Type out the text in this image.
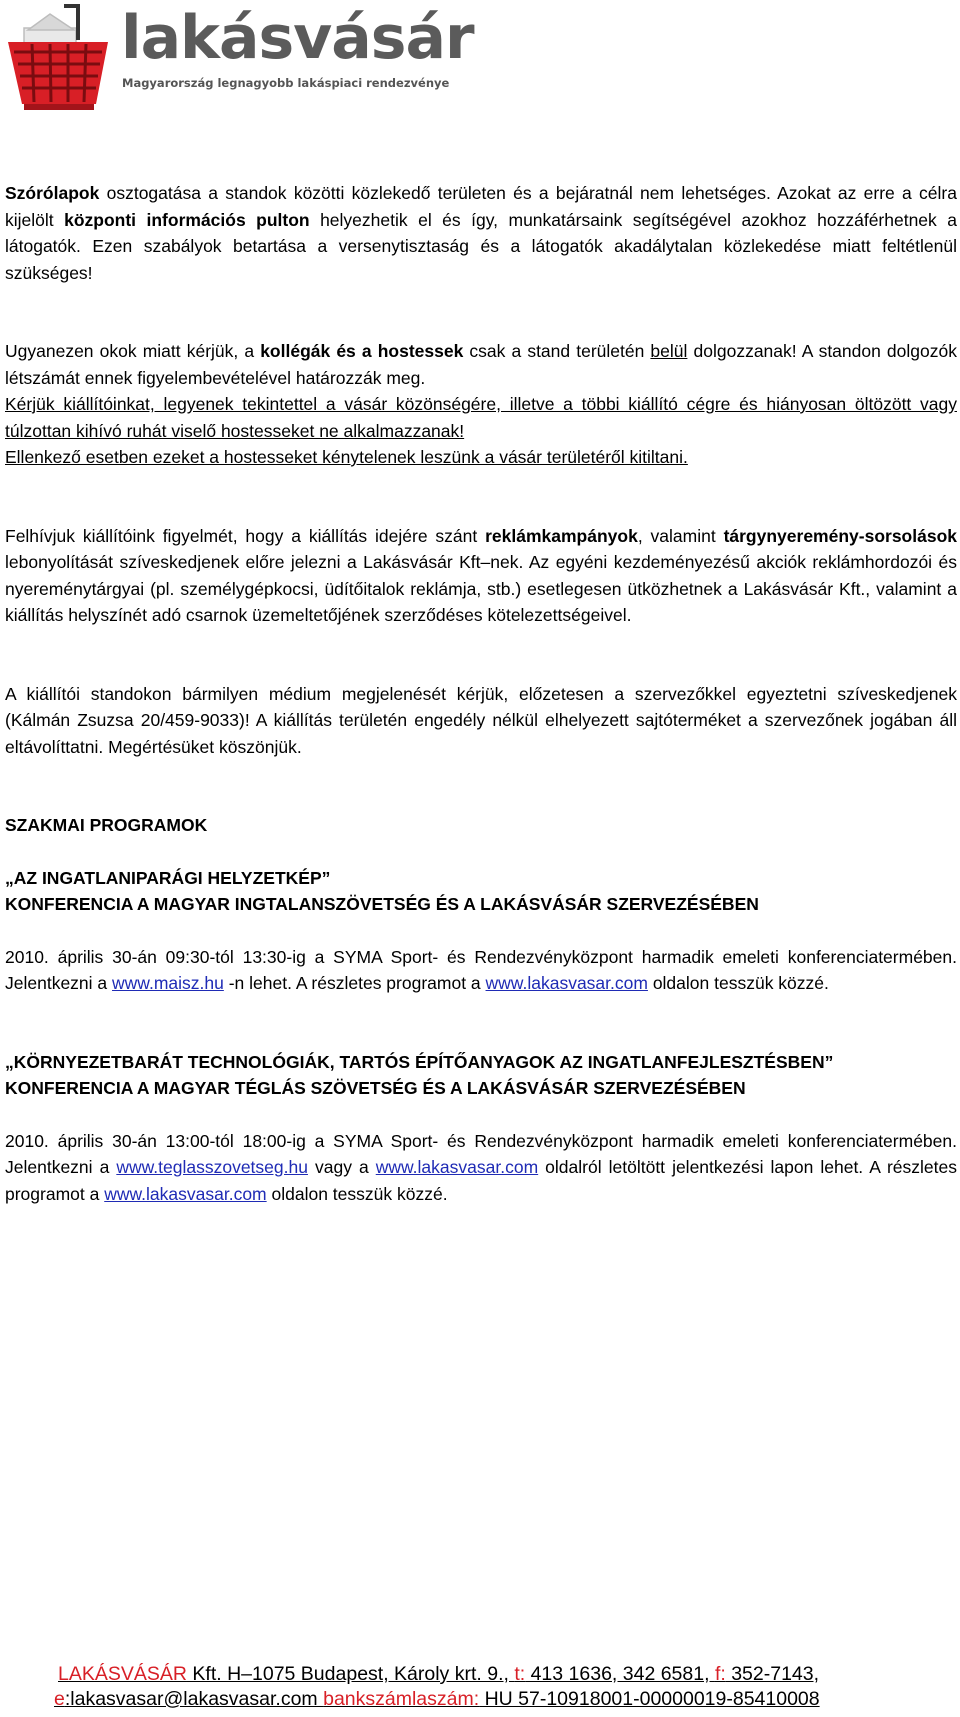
lakásvásár
Magyarország legnagyobb lakáspiaci rendezvénye

Szórólapok osztogatása a standok közötti közlekedő területen és a bejáratnál nem lehetséges. Azokat az erre a célra kijelölt központi információs pulton helyezhetik el és így, munkatársaink segítségével azokhoz hozzáférhetnek a látogatók. Ezen szabályok betartása a versenytisztaság és a látogatók akadálytalan közlekedése miatt feltétlenül szükséges!

Ugyanezen okok miatt kérjük, a kollégák és a hostessek csak a stand területén belül dolgozzanak! A standon dolgozók létszámát ennek figyelembevételével határozzák meg.

Kérjük kiállítóinkat, legyenek tekintettel a vásár közönségére, illetve a többi kiállító cégre és hiányosan öltözött vagy túlzottan kihívó ruhát viselő hostesseket ne alkalmazzanak!

Ellenkező esetben ezeket a hostesseket kénytelenek leszünk a vásár területéről kitiltani.

Felhívjuk kiállítóink figyelmét, hogy a kiállítás idejére szánt reklámkampányok, valamint tárgynyeremény-sorsolások lebonyolítását szíveskedjenek előre jelezni a Lakásvásár Kft–nek. Az egyéni kezdeményezésű akciók reklámhordozói és nyereménytárgyai (pl. személygépkocsi, üdítőitalok reklámja, stb.) esetlegesen ütközhetnek a Lakásvásár Kft., valamint a kiállítás helyszínét adó csarnok üzemeltetőjének szerződéses kötelezettségeivel.

A kiállítói standokon bármilyen médium megjelenését kérjük, előzetesen a szervezőkkel egyeztetni szíveskedjenek (Kálmán Zsuzsa 20/459-9033)! A kiállítás területén engedély nélkül elhelyezett sajtóterméket a szervezőnek jogában áll eltávolíttatni. Megértésüket köszönjük.

SZAKMAI PROGRAMOK

„AZ INGATLANIPARÁGI HELYZETKÉP”

KONFERENCIA A MAGYAR INGTALANSZÖVETSÉG ÉS A LAKÁSVÁSÁR SZERVEZÉSÉBEN

2010. április 30-án 09:30-tól 13:30-ig a SYMA Sport- és Rendezvényközpont harmadik emeleti konferenciatermében. Jelentkezni a www.maisz.hu -n lehet. A részletes programot a www.lakasvasar.com oldalon tesszük közzé.

„KÖRNYEZETBARÁT TECHNOLÓGIÁK, TARTÓS ÉPÍTŐANYAGOK AZ INGATLANFEJLESZTÉSBEN”

KONFERENCIA A MAGYAR TÉGLÁS SZÖVETSÉG ÉS A LAKÁSVÁSÁR SZERVEZÉSÉBEN

2010. április 30-án 13:00-tól 18:00-ig a SYMA Sport- és Rendezvényközpont harmadik emeleti konferenciatermében. Jelentkezni a www.teglasszovetseg.hu vagy a www.lakasvasar.com oldalról letöltött jelentkezési lapon lehet. A részletes programot a www.lakasvasar.com oldalon tesszük közzé.

LAKÁSVÁSÁR Kft. H–1075 Budapest, Károly krt. 9., t: 413 1636, 342 6581, f: 352-7143,
e:lakasvasar@lakasvasar.com bankszámlaszám: HU 57-10918001-00000019-85410008
